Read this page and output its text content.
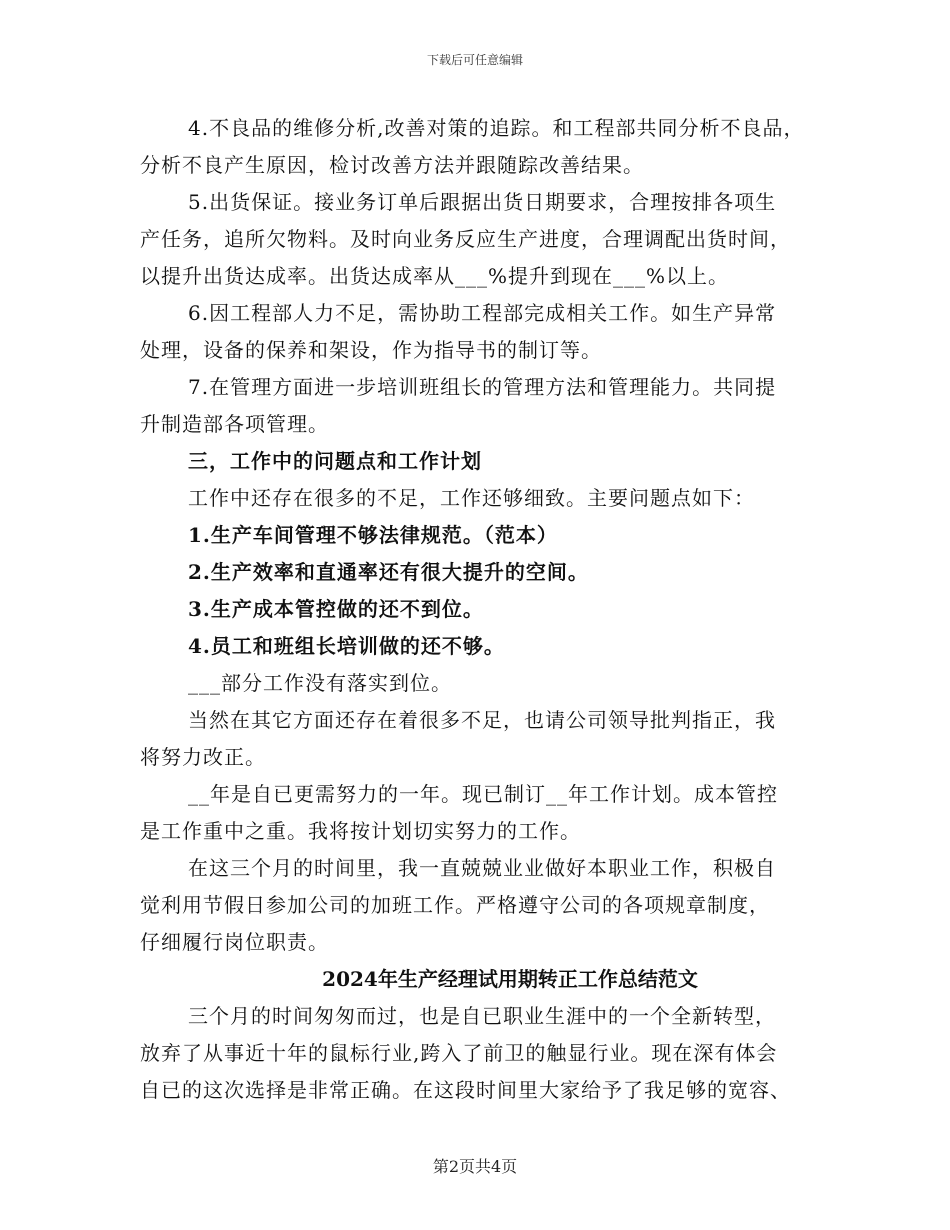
下载后可任意编辑
4.不良品的维修分析,改善对策的追踪。和工程部共同分析不良品，
分析不良产生原因，检讨改善方法并跟随踪改善结果。
5.出货保证。接业务订单后跟据出货日期要求，合理按排各项生
产任务，追所欠物料。及时向业务反应生产进度，合理调配出货时间，
以提升出货达成率。出货达成率从___%提升到现在___%以上。
6.因工程部人力不足，需协助工程部完成相关工作。如生产异常
处理，设备的保养和架设，作为指导书的制订等。
7.在管理方面进一步培训班组长的管理方法和管理能力。共同提
升制造部各项管理。
三，工作中的问题点和工作计划
工作中还存在很多的不足，工作还够细致。主要问题点如下：
1.生产车间管理不够法律规范。（范本）
2.生产效率和直通率还有很大提升的空间。
3.生产成本管控做的还不到位。
4.员工和班组长培训做的还不够。
___部分工作没有落实到位。
当然在其它方面还存在着很多不足，也请公司领导批判指正，我
将努力改正。
__年是自已更需努力的一年。现已制订__年工作计划。成本管控
是工作重中之重。我将按计划切实努力的工作。
在这三个月的时间里，我一直兢兢业业做好本职业工作，积极自
觉利用节假日参加公司的加班工作。严格遵守公司的各项规章制度，
仔细履行岗位职责。
2024年生产经理试用期转正工作总结范文
三个月的时间匆匆而过，也是自已职业生涯中的一个全新转型，
放弃了从事近十年的鼠标行业,跨入了前卫的触显行业。现在深有体会
自已的这次选择是非常正确。在这段时间里大家给予了我足够的宽容、
第2页共4页
